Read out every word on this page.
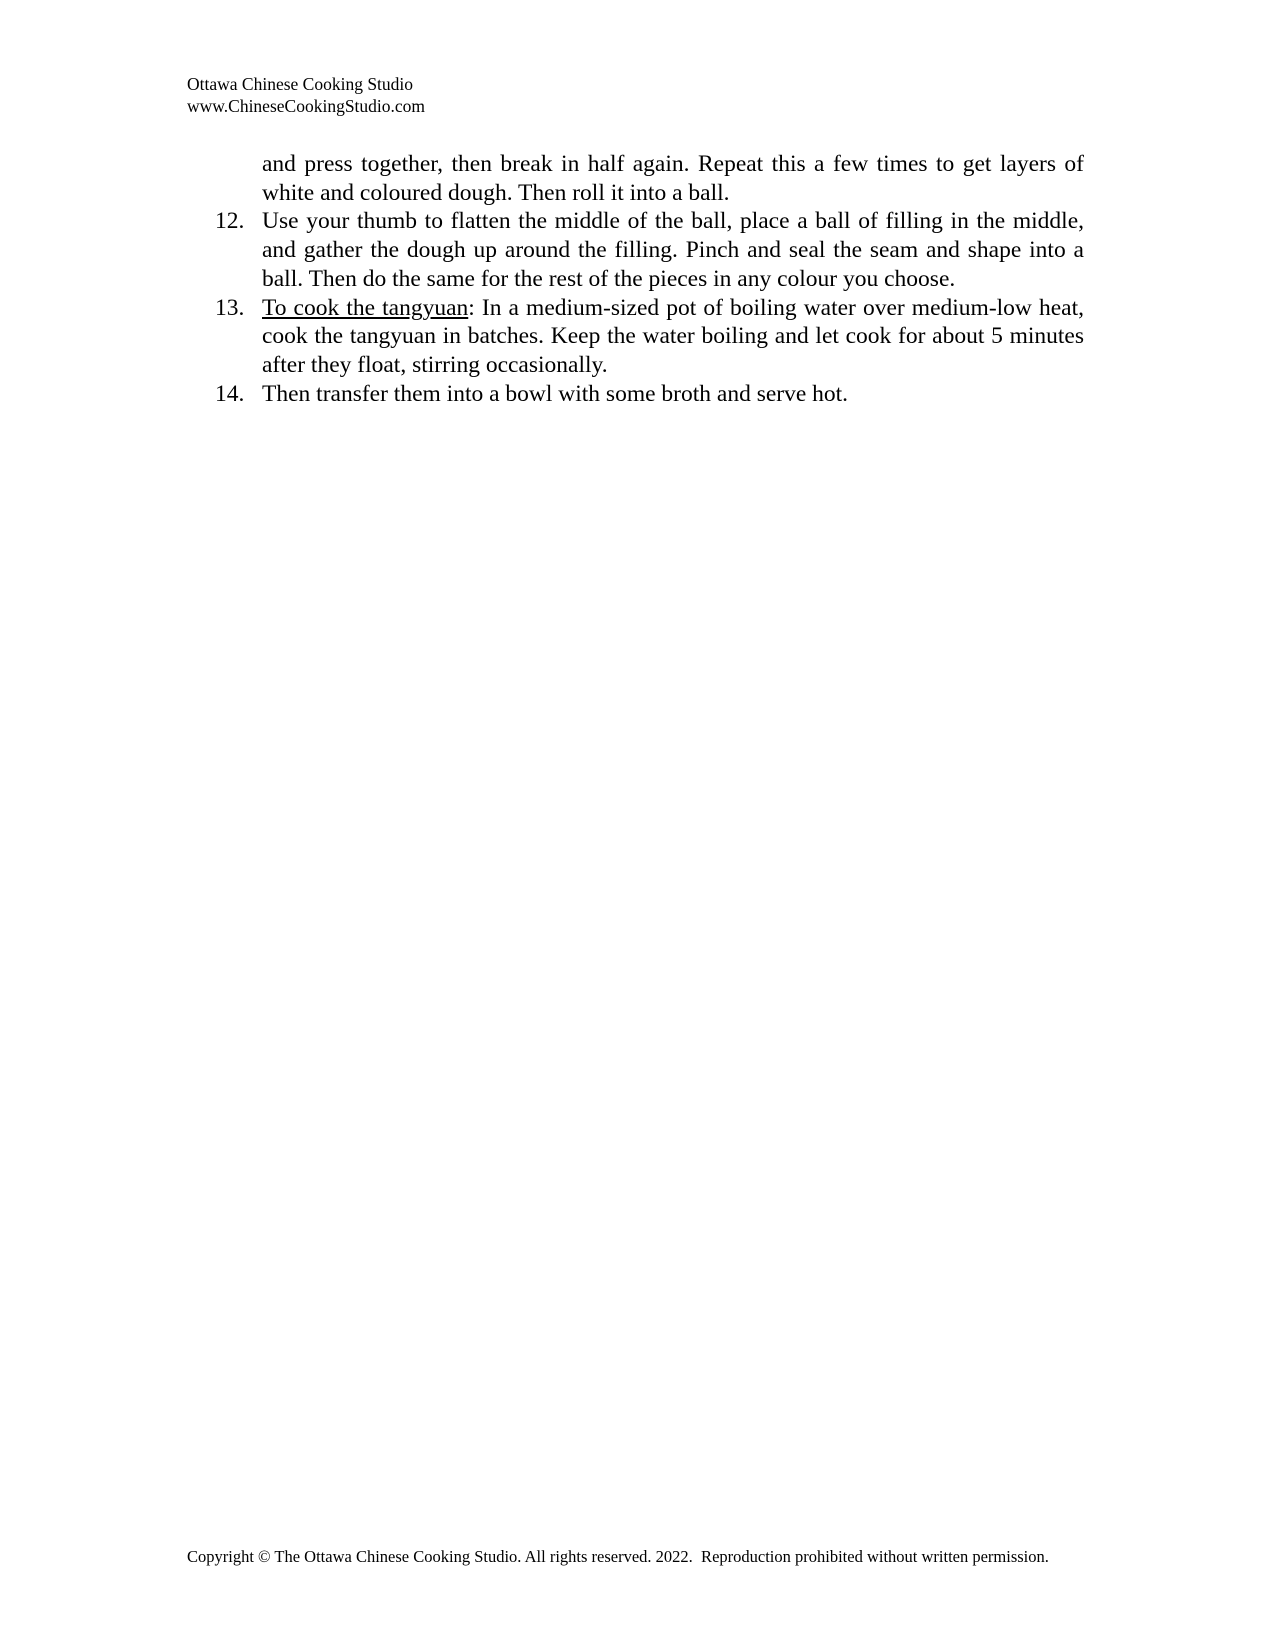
Ottawa Chinese Cooking Studio
www.ChineseCookingStudio.com
and press together, then break in half again. Repeat this a few times to get layers of white and coloured dough. Then roll it into a ball.
12. Use your thumb to flatten the middle of the ball, place a ball of filling in the middle, and gather the dough up around the filling. Pinch and seal the seam and shape into a ball. Then do the same for the rest of the pieces in any colour you choose.
13. To cook the tangyuan: In a medium-sized pot of boiling water over medium-low heat, cook the tangyuan in batches. Keep the water boiling and let cook for about 5 minutes after they float, stirring occasionally.
14. Then transfer them into a bowl with some broth and serve hot.
Copyright © The Ottawa Chinese Cooking Studio. All rights reserved. 2022.  Reproduction prohibited without written permission.
